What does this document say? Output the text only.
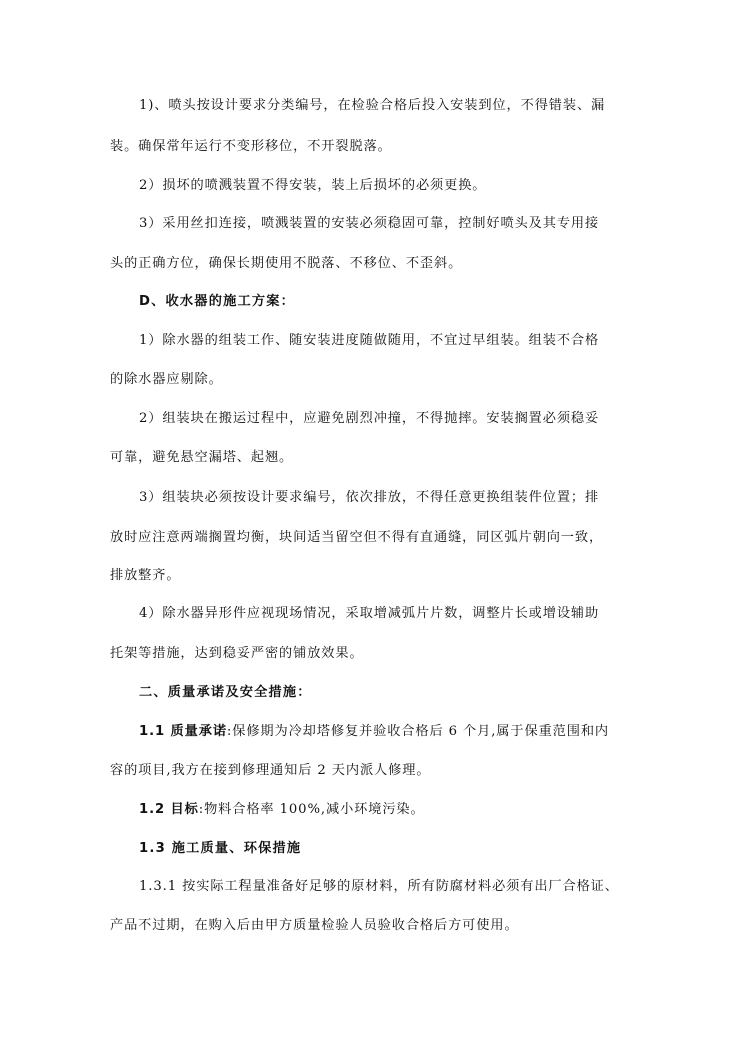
1)、喷头按设计要求分类编号，在检验合格后投入安装到位，不得错装、漏
装。确保常年运行不变形移位，不开裂脱落。
2）损坏的喷溅装置不得安装，装上后损坏的必须更换。
3）采用丝扣连接，喷溅装置的安装必须稳固可靠，控制好喷头及其专用接
头的正确方位，确保长期使用不脱落、不移位、不歪斜。
D、收水器的施工方案：
1）除水器的组装工作、随安装进度随做随用，不宜过早组装。组装不合格
的除水器应剔除。
2）组装块在搬运过程中，应避免剧烈冲撞，不得抛摔。安装搁置必须稳妥
可靠，避免悬空漏塔、起翘。
3）组装块必须按设计要求编号，依次排放，不得任意更换组装件位置；排
放时应注意两端搁置均衡，块间适当留空但不得有直通缝，同区弧片朝向一致，
排放整齐。
4）除水器异形件应视现场情况，采取增减弧片片数，调整片长或增设辅助
托架等措施，达到稳妥严密的铺放效果。
二、质量承诺及安全措施：
1.1 质量承诺:保修期为冷却塔修复并验收合格后 6 个月,属于保重范围和内
容的项目,我方在接到修理通知后 2 天内派人修理。
1.2 目标:物料合格率 100%,减小环境污染。
1.3 施工质量、环保措施
1.3.1 按实际工程量准备好足够的原材料，所有防腐材料必须有出厂合格证、
产品不过期，在购入后由甲方质量检验人员验收合格后方可使用。
